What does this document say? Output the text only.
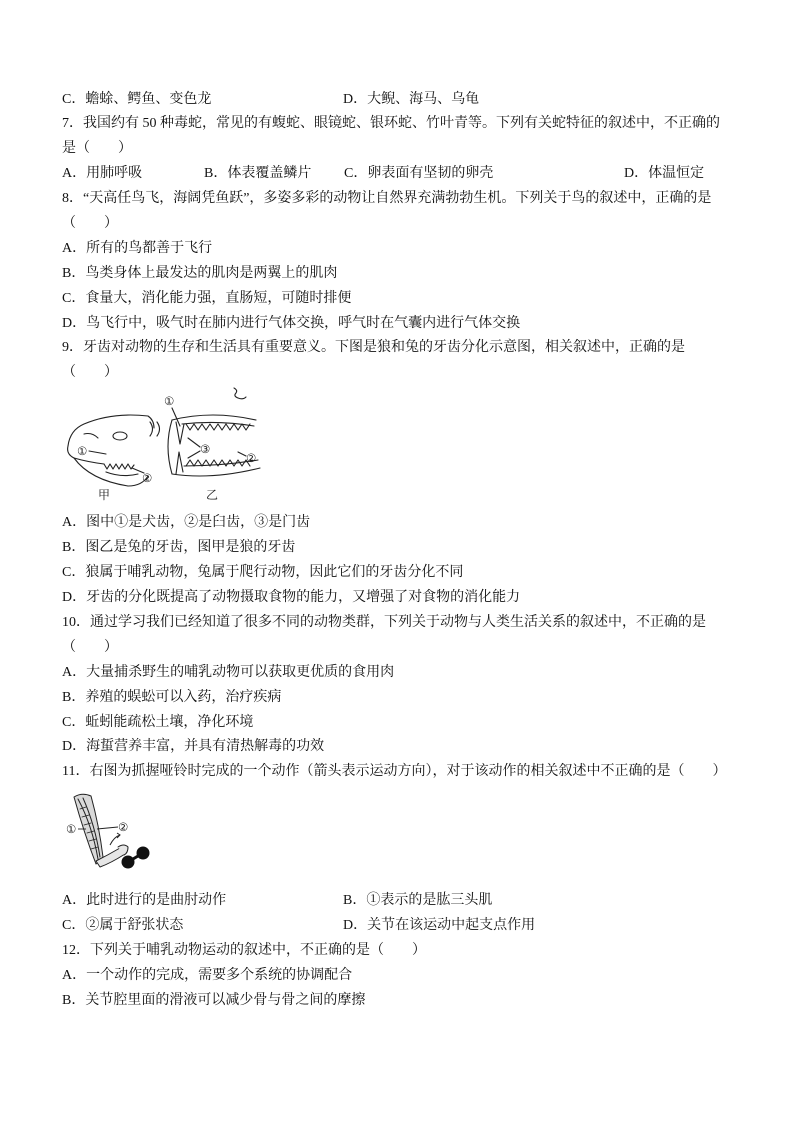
C．蟾蜍、鳄鱼、变色龙	D．大鲵、海马、乌龟
7．我国约有 50 种毒蛇，常见的有蝮蛇、眼镜蛇、银环蛇、竹叶青等。下列有关蛇特征的叙述中，不正确的
是（　　）
A．用肺呼吸	B．体表覆盖鳞片 C．卵表面有坚韧的卵壳	D．体温恒定
8．“天高任鸟飞，海阔凭鱼跃”，多姿多彩的动物让自然界充满勃勃生机。下列关于鸟的叙述中，正确的是
（　　）
A．所有的鸟都善于飞行
B．鸟类身体上最发达的肌肉是两翼上的肌肉
C．食量大，消化能力强，直肠短，可随时排便
D．鸟飞行中，吸气时在肺内进行气体交换，呼气时在气囊内进行气体交换
9．牙齿对动物的生存和生活具有重要意义。下图是狼和兔的牙齿分化示意图，相关叙述中，正确的是
（　　）
①
②
①
③
②
甲	乙
A．图中①是犬齿，②是臼齿，③是门齿
B．图乙是兔的牙齿，图甲是狼的牙齿
C．狼属于哺乳动物，兔属于爬行动物，因此它们的牙齿分化不同
D．牙齿的分化既提高了动物摄取食物的能力，又增强了对食物的消化能力
10．通过学习我们已经知道了很多不同的动物类群，下列关于动物与人类生活关系的叙述中，不正确的是
（　　）
A．大量捕杀野生的哺乳动物可以获取更优质的食用肉
B．养殖的蜈蚣可以入药，治疗疾病
C．蚯蚓能疏松土壤，净化环境
D．海蜇营养丰富，并具有清热解毒的功效
11．右图为抓握哑铃时完成的一个动作（箭头表示运动方向），对于该动作的相关叙述中不正确的是（　　）
①	②
A．此时进行的是曲肘动作	B．①表示的是肱三头肌
C．②属于舒张状态	D．关节在该运动中起支点作用
12．下列关于哺乳动物运动的叙述中，不正确的是（　　）
A．一个动作的完成，需要多个系统的协调配合
B．关节腔里面的滑液可以减少骨与骨之间的摩擦
